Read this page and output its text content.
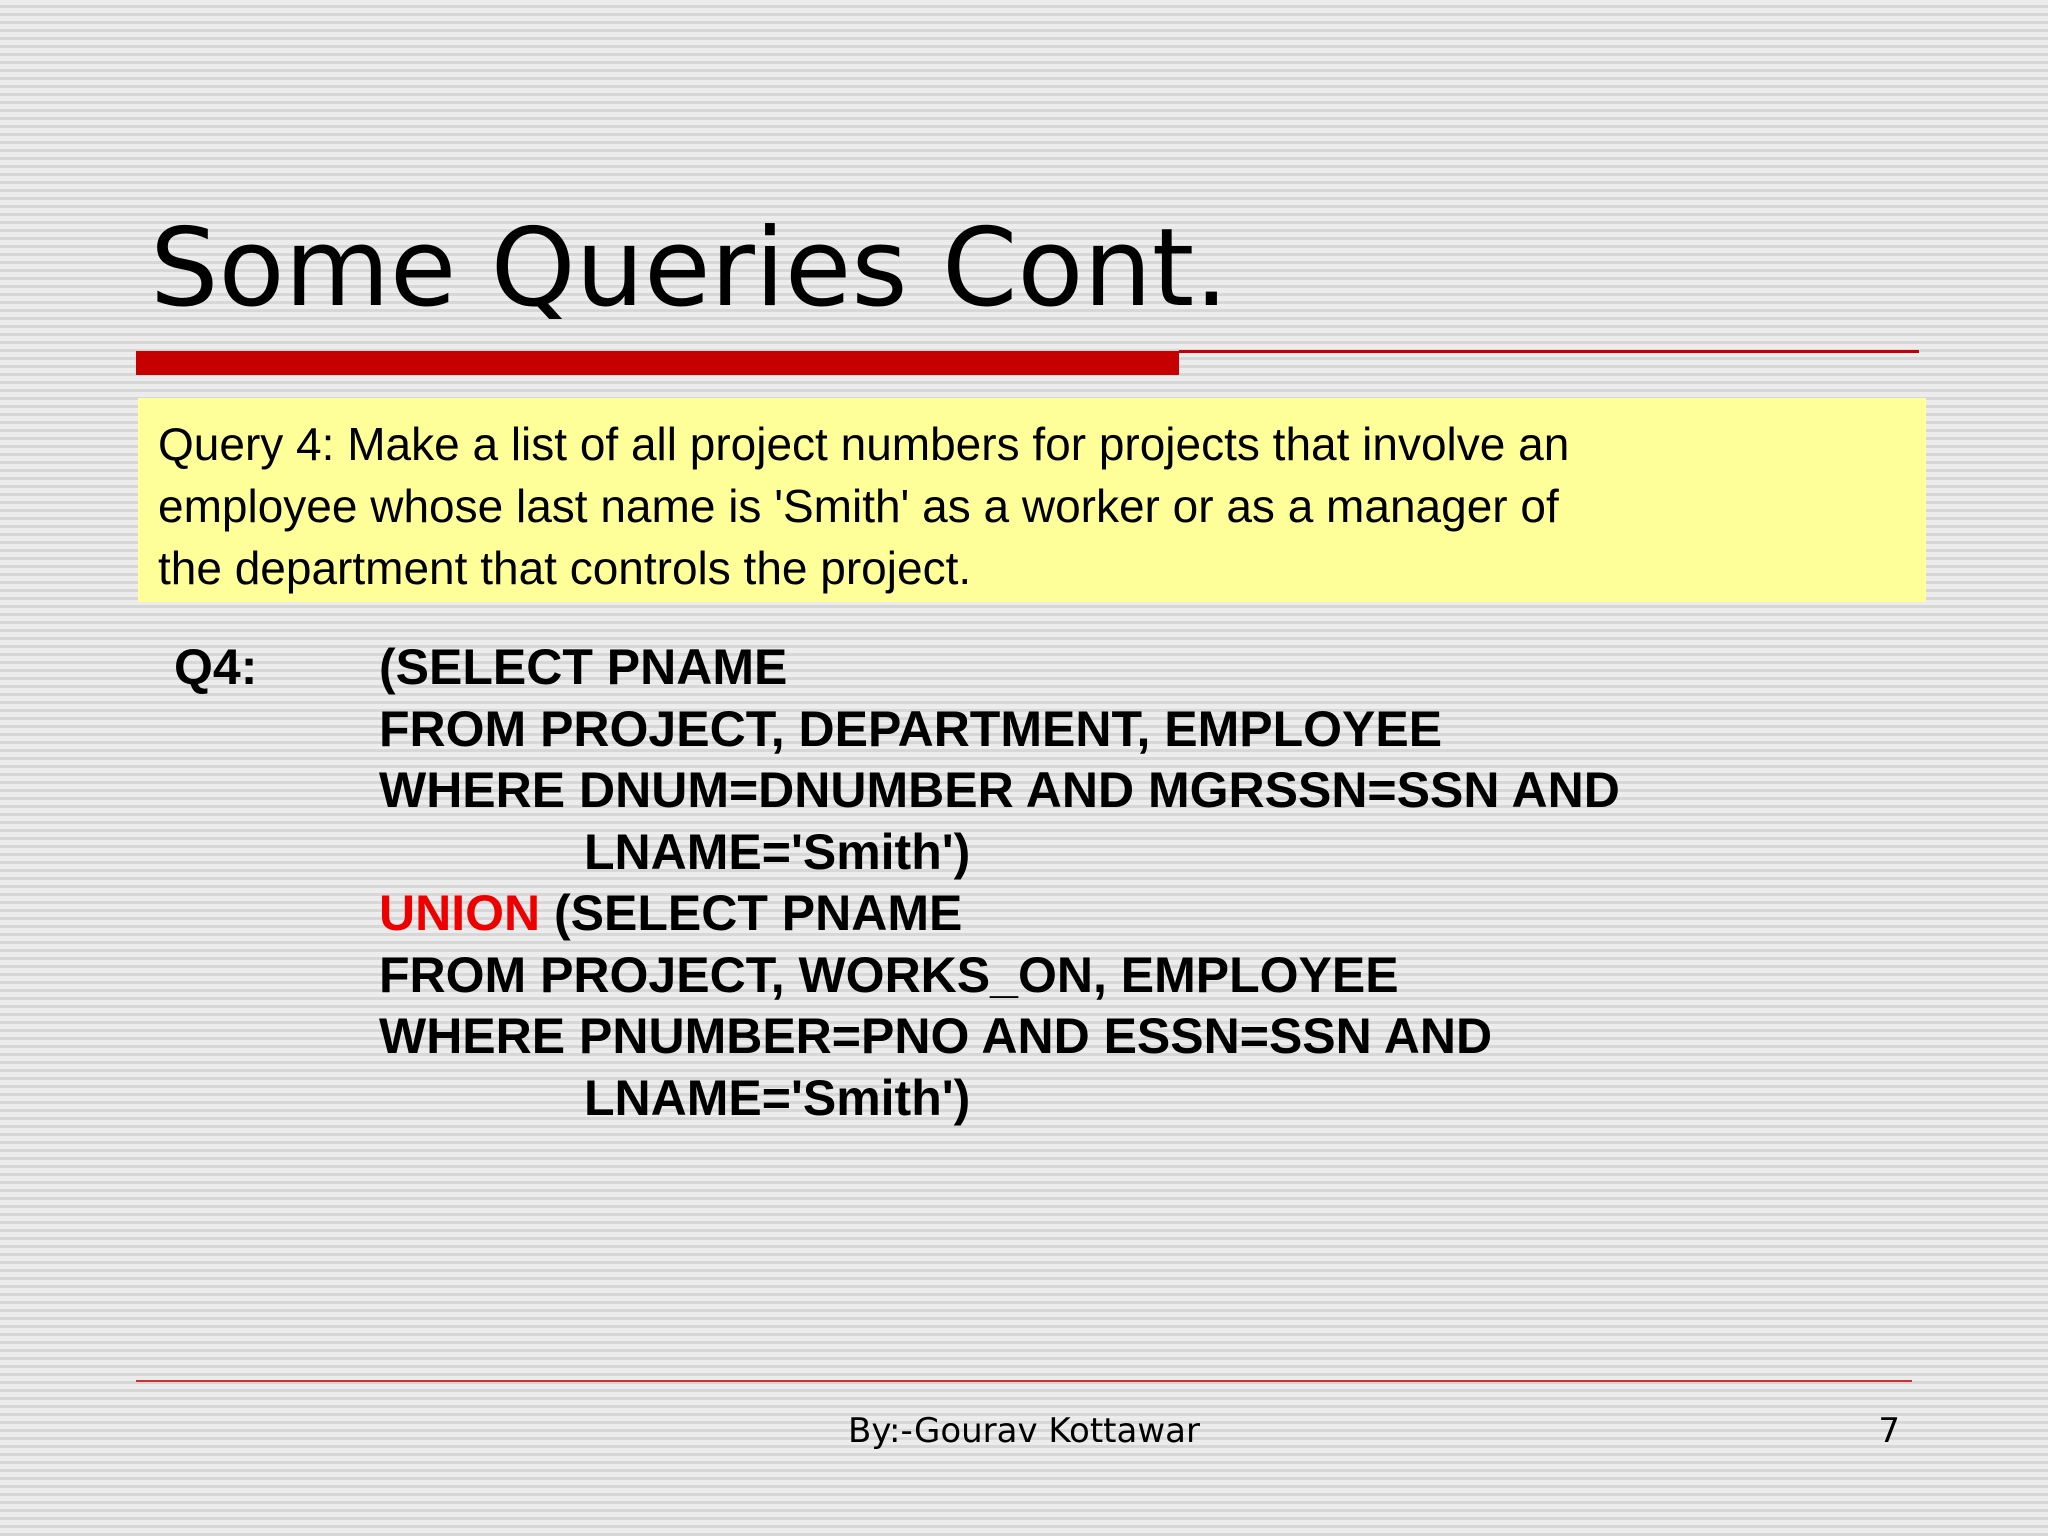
Some Queries Cont.

Query 4: Make a list of all project numbers for projects that involve an

employee whose last name is 'Smith' as a worker or as a manager of

the department that controls the project.

Q4:	(SELECT PNAME
FROM PROJECT, DEPARTMENT, EMPLOYEE
WHERE DNUM=DNUMBER AND MGRSSN=SSN AND
LNAME='Smith')
UNION (SELECT PNAME
FROM PROJECT, WORKS_ON, EMPLOYEE
WHERE PNUMBER=PNO AND ESSN=SSN AND
LNAME='Smith')
By:-Gourav Kottawar	7
